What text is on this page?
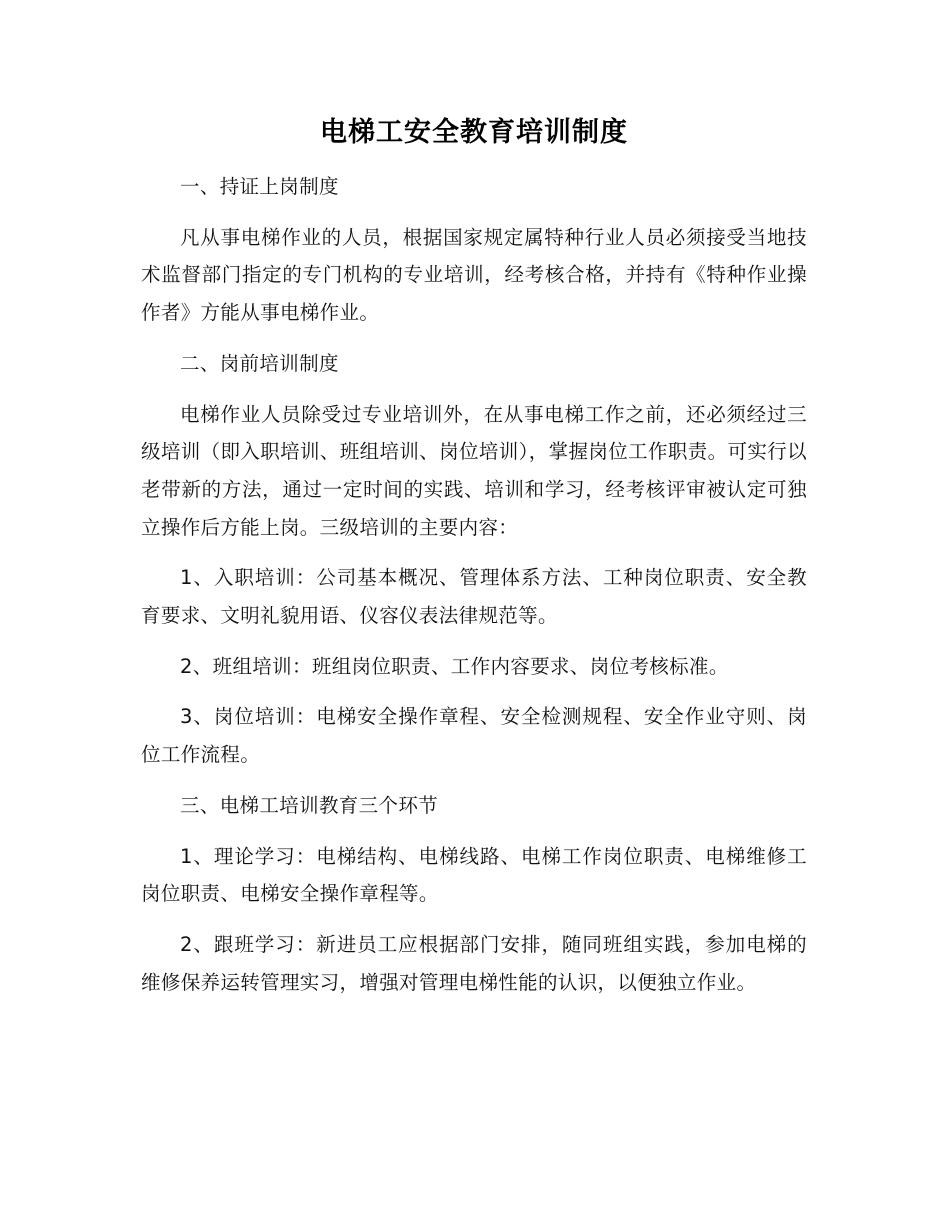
电梯工安全教育培训制度

一、持证上岗制度

凡从事电梯作业的人员，根据国家规定属特种行业人员必须接受当地技术监督部门指定的专门机构的专业培训，经考核合格，并持有《特种作业操作者》方能从事电梯作业。

二、岗前培训制度

电梯作业人员除受过专业培训外，在从事电梯工作之前，还必须经过三级培训（即入职培训、班组培训、岗位培训），掌握岗位工作职责。可实行以老带新的方法，通过一定时间的实践、培训和学习，经考核评审被认定可独立操作后方能上岗。三级培训的主要内容：

1、入职培训：公司基本概况、管理体系方法、工种岗位职责、安全教育要求、文明礼貌用语、仪容仪表法律规范等。

2、班组培训：班组岗位职责、工作内容要求、岗位考核标准。

3、岗位培训：电梯安全操作章程、安全检测规程、安全作业守则、岗位工作流程。

三、电梯工培训教育三个环节

1、理论学习：电梯结构、电梯线路、电梯工作岗位职责、电梯维修工岗位职责、电梯安全操作章程等。

2、跟班学习：新进员工应根据部门安排，随同班组实践，参加电梯的维修保养运转管理实习，增强对管理电梯性能的认识，以便独立作业。
